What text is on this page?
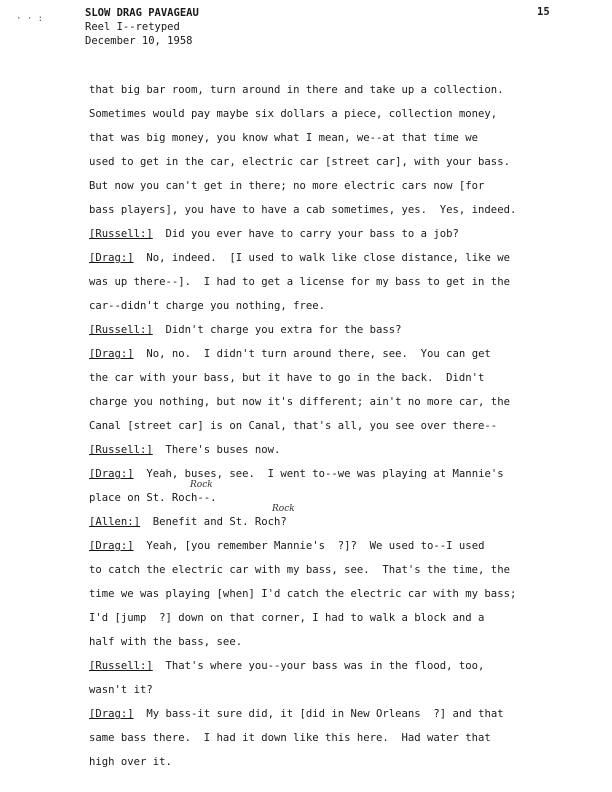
· · :	SLOW DRAG PAVAGEAU
Reel I--retyped
December 10, 1958
15
Rock
Rock
that big bar room, turn around in there and take up a collection.
Sometimes would pay maybe six dollars a piece, collection money,
that was big money, you know what I mean, we--at that time we
used to get in the car, electric car [street car], with your bass.
But now you can't get in there; no more electric cars now [for
bass players], you have to have a cab sometimes, yes.  Yes, indeed.
[Russell:]  Did you ever have to carry your bass to a job?
[Drag:]  No, indeed.  [I used to walk like close distance, like we
was up there--].  I had to get a license for my bass to get in the
car--didn't charge you nothing, free.
[Russell:]  Didn't charge you extra for the bass?
[Drag:]  No, no.  I didn't turn around there, see.  You can get
the car with your bass, but it have to go in the back.  Didn't
charge you nothing, but now it's different; ain't no more car, the
Canal [street car] is on Canal, that's all, you see over there--
[Russell:]  There's buses now.
[Drag:]  Yeah, buses, see.  I went to--we was playing at Mannie's
place on St. Roch--.
[Allen:]  Benefit and St. Roch?
[Drag:]  Yeah, [you remember Mannie's  ?]?  We used to--I used
to catch the electric car with my bass, see.  That's the time, the
time we was playing [when] I'd catch the electric car with my bass;
I'd [jump  ?] down on that corner, I had to walk a block and a
half with the bass, see.
[Russell:]  That's where you--your bass was in the flood, too,
wasn't it?
[Drag:]  My bass-it sure did, it [did in New Orleans  ?] and that
same bass there.  I had it down like this here.  Had water that
high over it.
